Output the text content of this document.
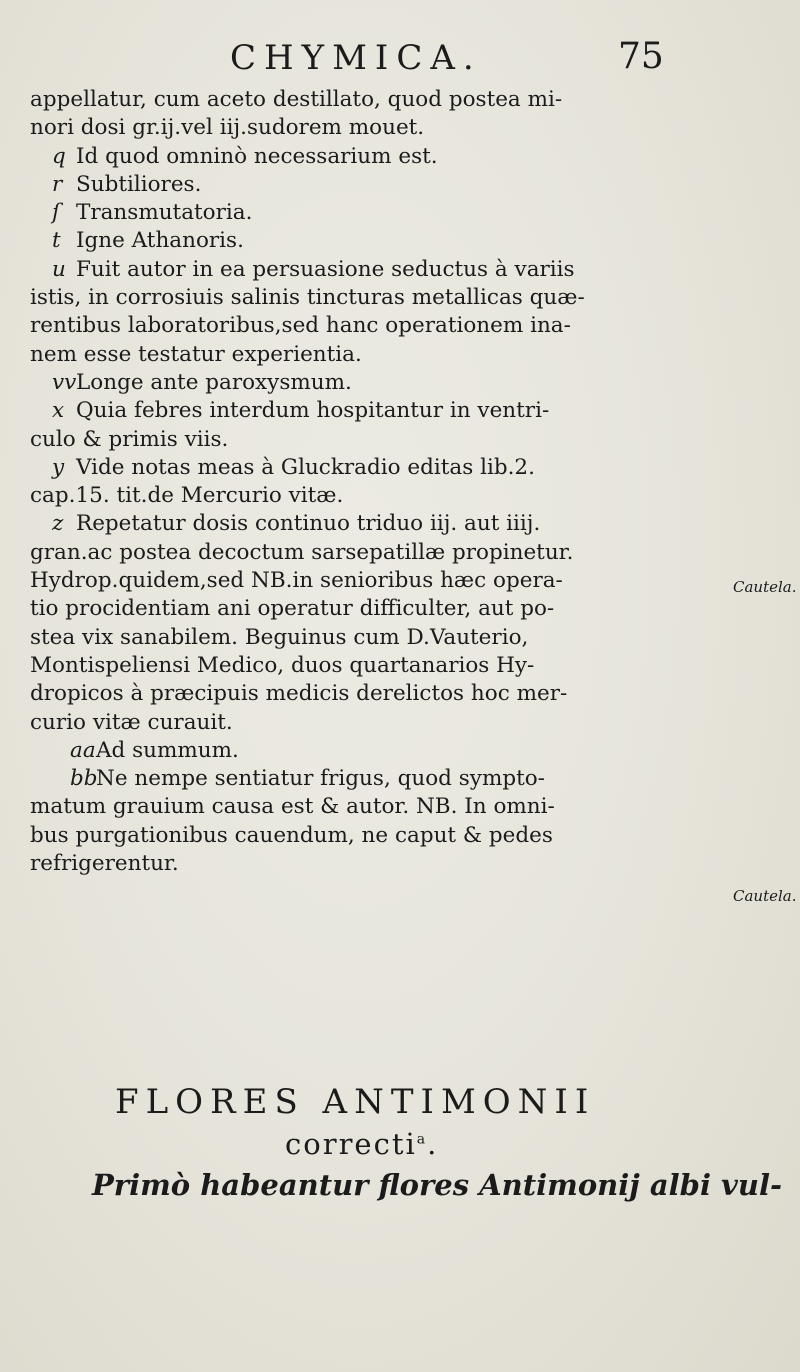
CHYMICA.	75
appellatur, cum aceto destillato, quod postea mi-
nori dosi gr.ij.vel iij.sudorem mouet.
q Id quod omninò necessarium est.
r Subtiliores.
ſ Transmutatoria.
t Igne Athanoris.
u Fuit autor in ea persuasione seductus à variis
istis, in corrosiuis salinis tincturas metallicas quæ-
rentibus laboratoribus,sed hanc operationem ina-
nem esse testatur experientia.
vvLonge ante paroxysmum.
x Quia febres interdum hospitantur in ventri-
culo & primis viis.
y Vide notas meas à Gluckradio editas lib.2.
cap.15. tit.de Mercurio vitæ.
z Repetatur dosis continuo triduo iij. aut iiij.
gran.ac postea decoctum sarsepatillæ propinetur.
Hydrop.quidem,sed NB.in senioribus hæc opera-
tio procidentiam ani operatur difficulter, aut po-
stea vix sanabilem. Beguinus cum D.Vauterio,
Montispeliensi Medico, duos quartanarios Hy-
dropicos à præcipuis medicis derelictos hoc mer-
curio vitæ curauit.
aaAd summum.
bbNe nempe sentiatur frigus, quod sympto-
matum grauium causa est & autor. NB. In omni-
bus purgationibus cauendum, ne caput & pedes
refrigerentur.
Cautela.
Cautela.
FLORES ANTIMONII
correcti$^a$.
Primò habeantur flores Antimonij albi vul-
